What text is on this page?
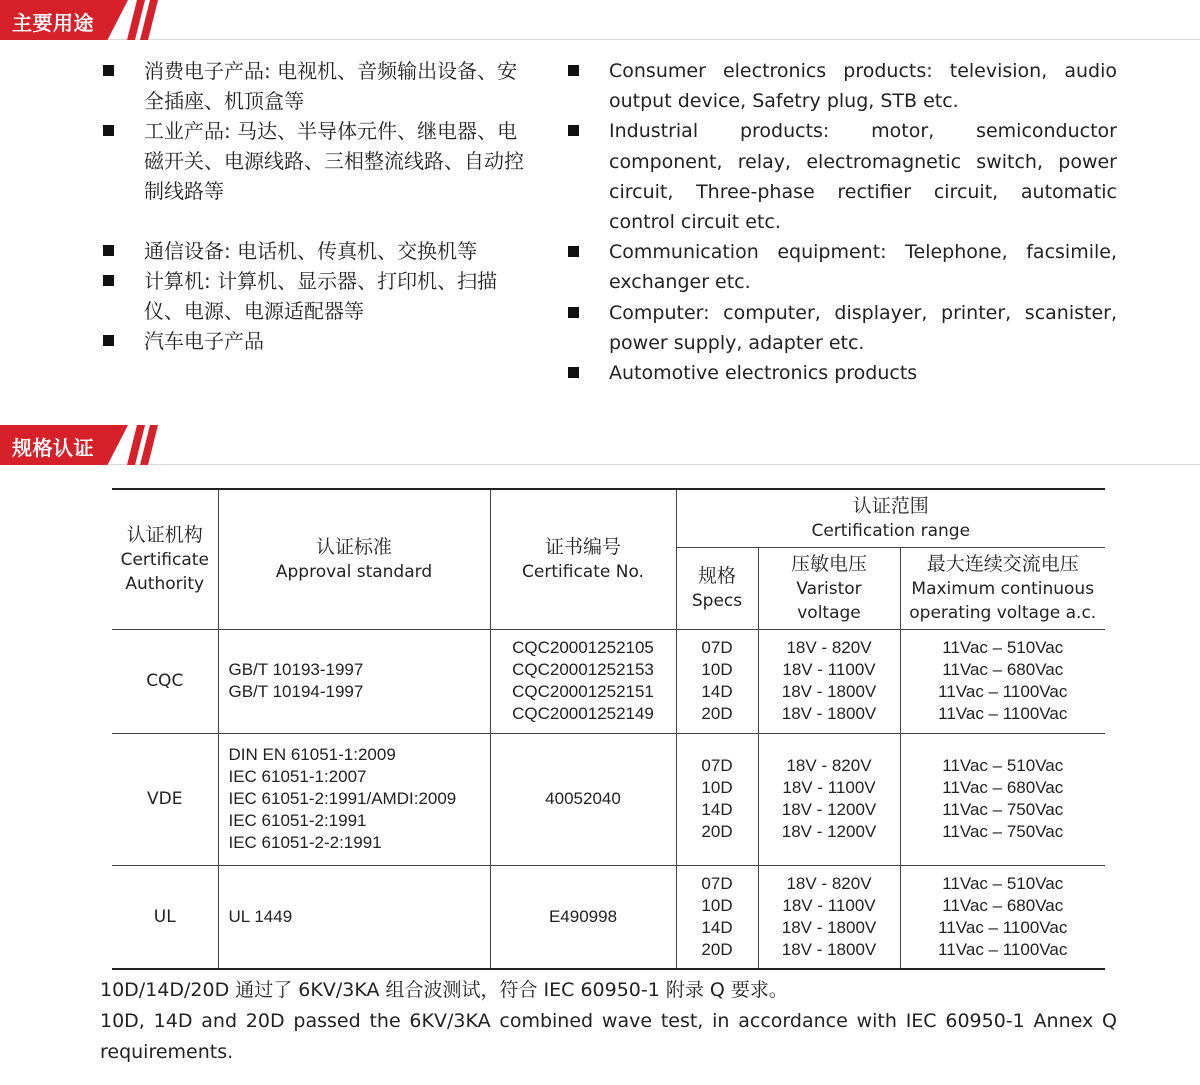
主要用途

消费电子产品: 电视机、音频输出设备、安全插座、机顶盒等

工业产品: 马达、半导体元件、继电器、电磁开关、电源线路、三相整流线路、自动控制线路等

通信设备: 电话机、传真机、交换机等

计算机: 计算机、显示器、打印机、扫描仪、电源、电源适配器等

汽车电子产品

Consumer electronics products: television, audio output device, Safetry plug, STB etc.

Industrial products: motor, semiconductor component, relay, electromagnetic switch, power circuit, Three-phase rectifier circuit, automatic control circuit etc.

Communication equipment: Telephone, facsimile, exchanger etc.

Computer: computer, displayer, printer, scanister, power supply, adapter etc.

Automotive electronics products

规格认证
认证机构
Certificate
Authority	认证标准
Approval standard	证书编号
Certificate No.	认证范围
Certification range		

			规格
Specs	压敏电压
Varistor
voltage	最大连续交流电压
Maximum continuous
operating voltage a.c.

CQC	GB/T 10193-1997
GB/T 10194-1997	CQC20001252105
CQC20001252153
CQC20001252151
CQC20001252149	07D
10D
14D
20D	18V - 820V
18V - 1100V
18V - 1800V
18V - 1800V	11Vac – 510Vac
11Vac – 680Vac
11Vac – 1100Vac
11Vac – 1100Vac

VDE	DIN EN 61051-1:2009
IEC 61051-1:2007
IEC 61051-2:1991/AMDI:2009
IEC 61051-2:1991
IEC 61051-2-2:1991	40052040	07D
10D
14D
20D	18V - 820V
18V - 1100V
18V - 1200V
18V - 1200V	11Vac – 510Vac
11Vac – 680Vac
11Vac – 750Vac
11Vac – 750Vac

UL	UL 1449	E490998	07D
10D
14D
20D	18V - 820V
18V - 1100V
18V - 1800V
18V - 1800V	11Vac – 510Vac
11Vac – 680Vac
11Vac – 1100Vac
11Vac – 1100Vac

10D/14D/20D 通过了 6KV/3KA 组合波测试，符合 IEC 60950-1 附录 Q 要求。

10D, 14D and 20D passed the 6KV/3KA combined wave test, in accordance with IEC 60950-1 Annex Q requirements.
